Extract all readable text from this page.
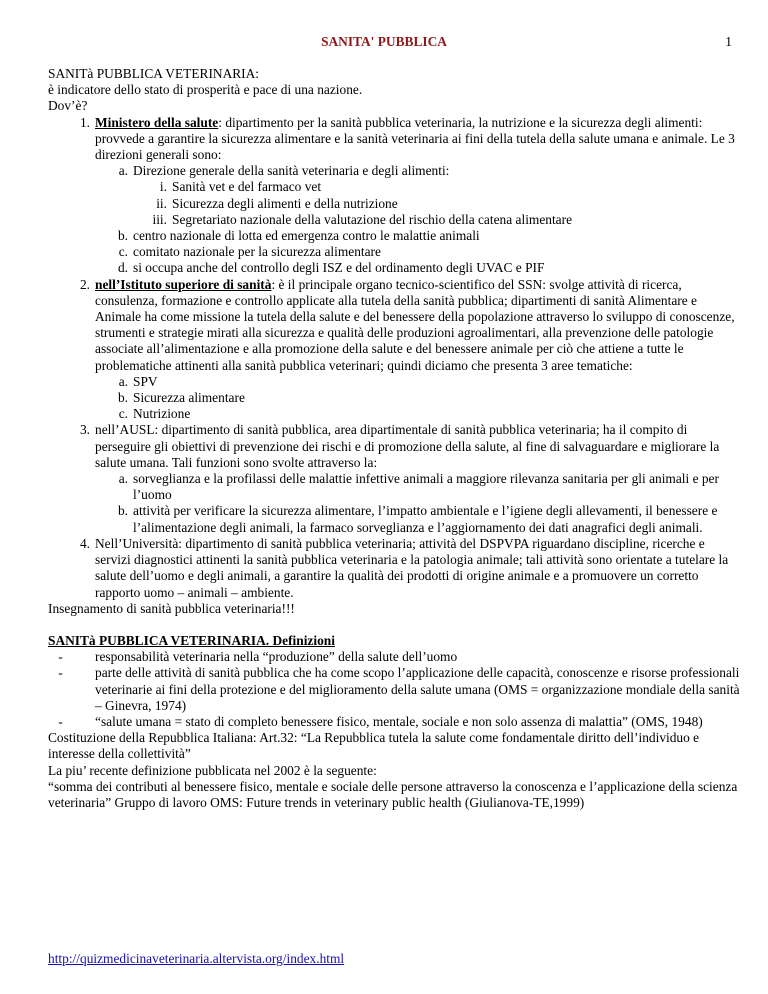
SANITA' PUBBLICA	1

SANITà PUBBLICA VETERINARIA:

è indicatore dello stato di prosperità e pace di una nazione.

Dov’è?

1. Ministero della salute: dipartimento per la sanità pubblica veterinaria, la nutrizione e la sicurezza degli alimenti: provvede a garantire la sicurezza alimentare e la sanità veterinaria ai fini della tutela della salute umana e animale. Le 3 direzioni generali sono:
a. Direzione generale della sanità veterinaria e degli alimenti:
i. Sanità vet e del farmaco vet
ii. Sicurezza degli alimenti e della nutrizione
iii. Segretariato nazionale della valutazione del rischio della catena alimentare
b. centro nazionale di lotta ed emergenza contro le malattie animali
c. comitato nazionale per la sicurezza alimentare
d. si occupa anche del controllo degli ISZ e del ordinamento degli UVAC e PIF
2. nell’Istituto superiore di sanità: è il principale organo tecnico-scientifico del SSN: svolge attività di ricerca, consulenza, formazione e controllo applicate alla tutela della sanità pubblica; dipartimenti di sanità Alimentare e Animale ha come missione la tutela della salute e del benessere della popolazione attraverso lo sviluppo di conoscenze, strumenti e strategie mirati alla sicurezza e qualità delle produzioni agroalimentari, alla prevenzione delle patologie associate all’alimentazione e alla promozione della salute e del benessere animale per ciò che attiene a tutte le problematiche attinenti alla sanità pubblica veterinari; quindi diciamo che presenta 3 aree tematiche:
a. SPV
b. Sicurezza alimentare
c. Nutrizione
3. nell’AUSL: dipartimento di sanità pubblica, area dipartimentale di sanità pubblica veterinaria; ha il compito di perseguire gli obiettivi di prevenzione dei rischi e di promozione della salute, al fine di salvaguardare e migliorare la salute umana. Tali funzioni sono svolte attraverso la:
a. sorveglianza e la profilassi delle malattie infettive animali a maggiore rilevanza sanitaria per gli animali e per l’uomo
b. attività per verificare la sicurezza alimentare, l’impatto ambientale e l’igiene degli allevamenti, il benessere e l’alimentazione degli animali, la farmaco sorveglianza e l’aggiornamento dei dati anagrafici degli animali.
4. Nell’Università: dipartimento di sanità pubblica veterinaria; attività del DSPVPA riguardano discipline, ricerche e servizi diagnostici attinenti la sanità pubblica veterinaria e la patologia animale; tali attività sono orientate a tutelare la salute dell’uomo e degli animali, a garantire la qualità dei prodotti di origine animale e a promuovere un corretto rapporto uomo – animali – ambiente.

Insegnamento di sanità pubblica veterinaria!!!

SANITà PUBBLICA VETERINARIA. Definizioni

-	responsabilità veterinaria nella “produzione” della salute dell’uomo
-	parte delle attività di sanità pubblica che ha come scopo l’applicazione delle capacità, conoscenze e risorse professionali veterinarie ai fini della protezione e del miglioramento della salute umana (OMS = organizzazione mondiale della sanità – Ginevra, 1974)
-	“salute umana = stato di completo benessere fisico, mentale, sociale e non solo assenza di malattia” (OMS, 1948)

Costituzione della Repubblica Italiana: Art.32: “La Repubblica tutela la salute come fondamentale diritto dell’individuo e interesse della collettività”

La piu’ recente definizione pubblicata nel 2002 è la seguente:

“somma dei contributi al benessere fisico, mentale e sociale delle persone attraverso la conoscenza e l’applicazione della scienza veterinaria” Gruppo di lavoro OMS: Future trends in veterinary public health (Giulianova-TE,1999)

http://quizmedicinaveterinaria.altervista.org/index.html
